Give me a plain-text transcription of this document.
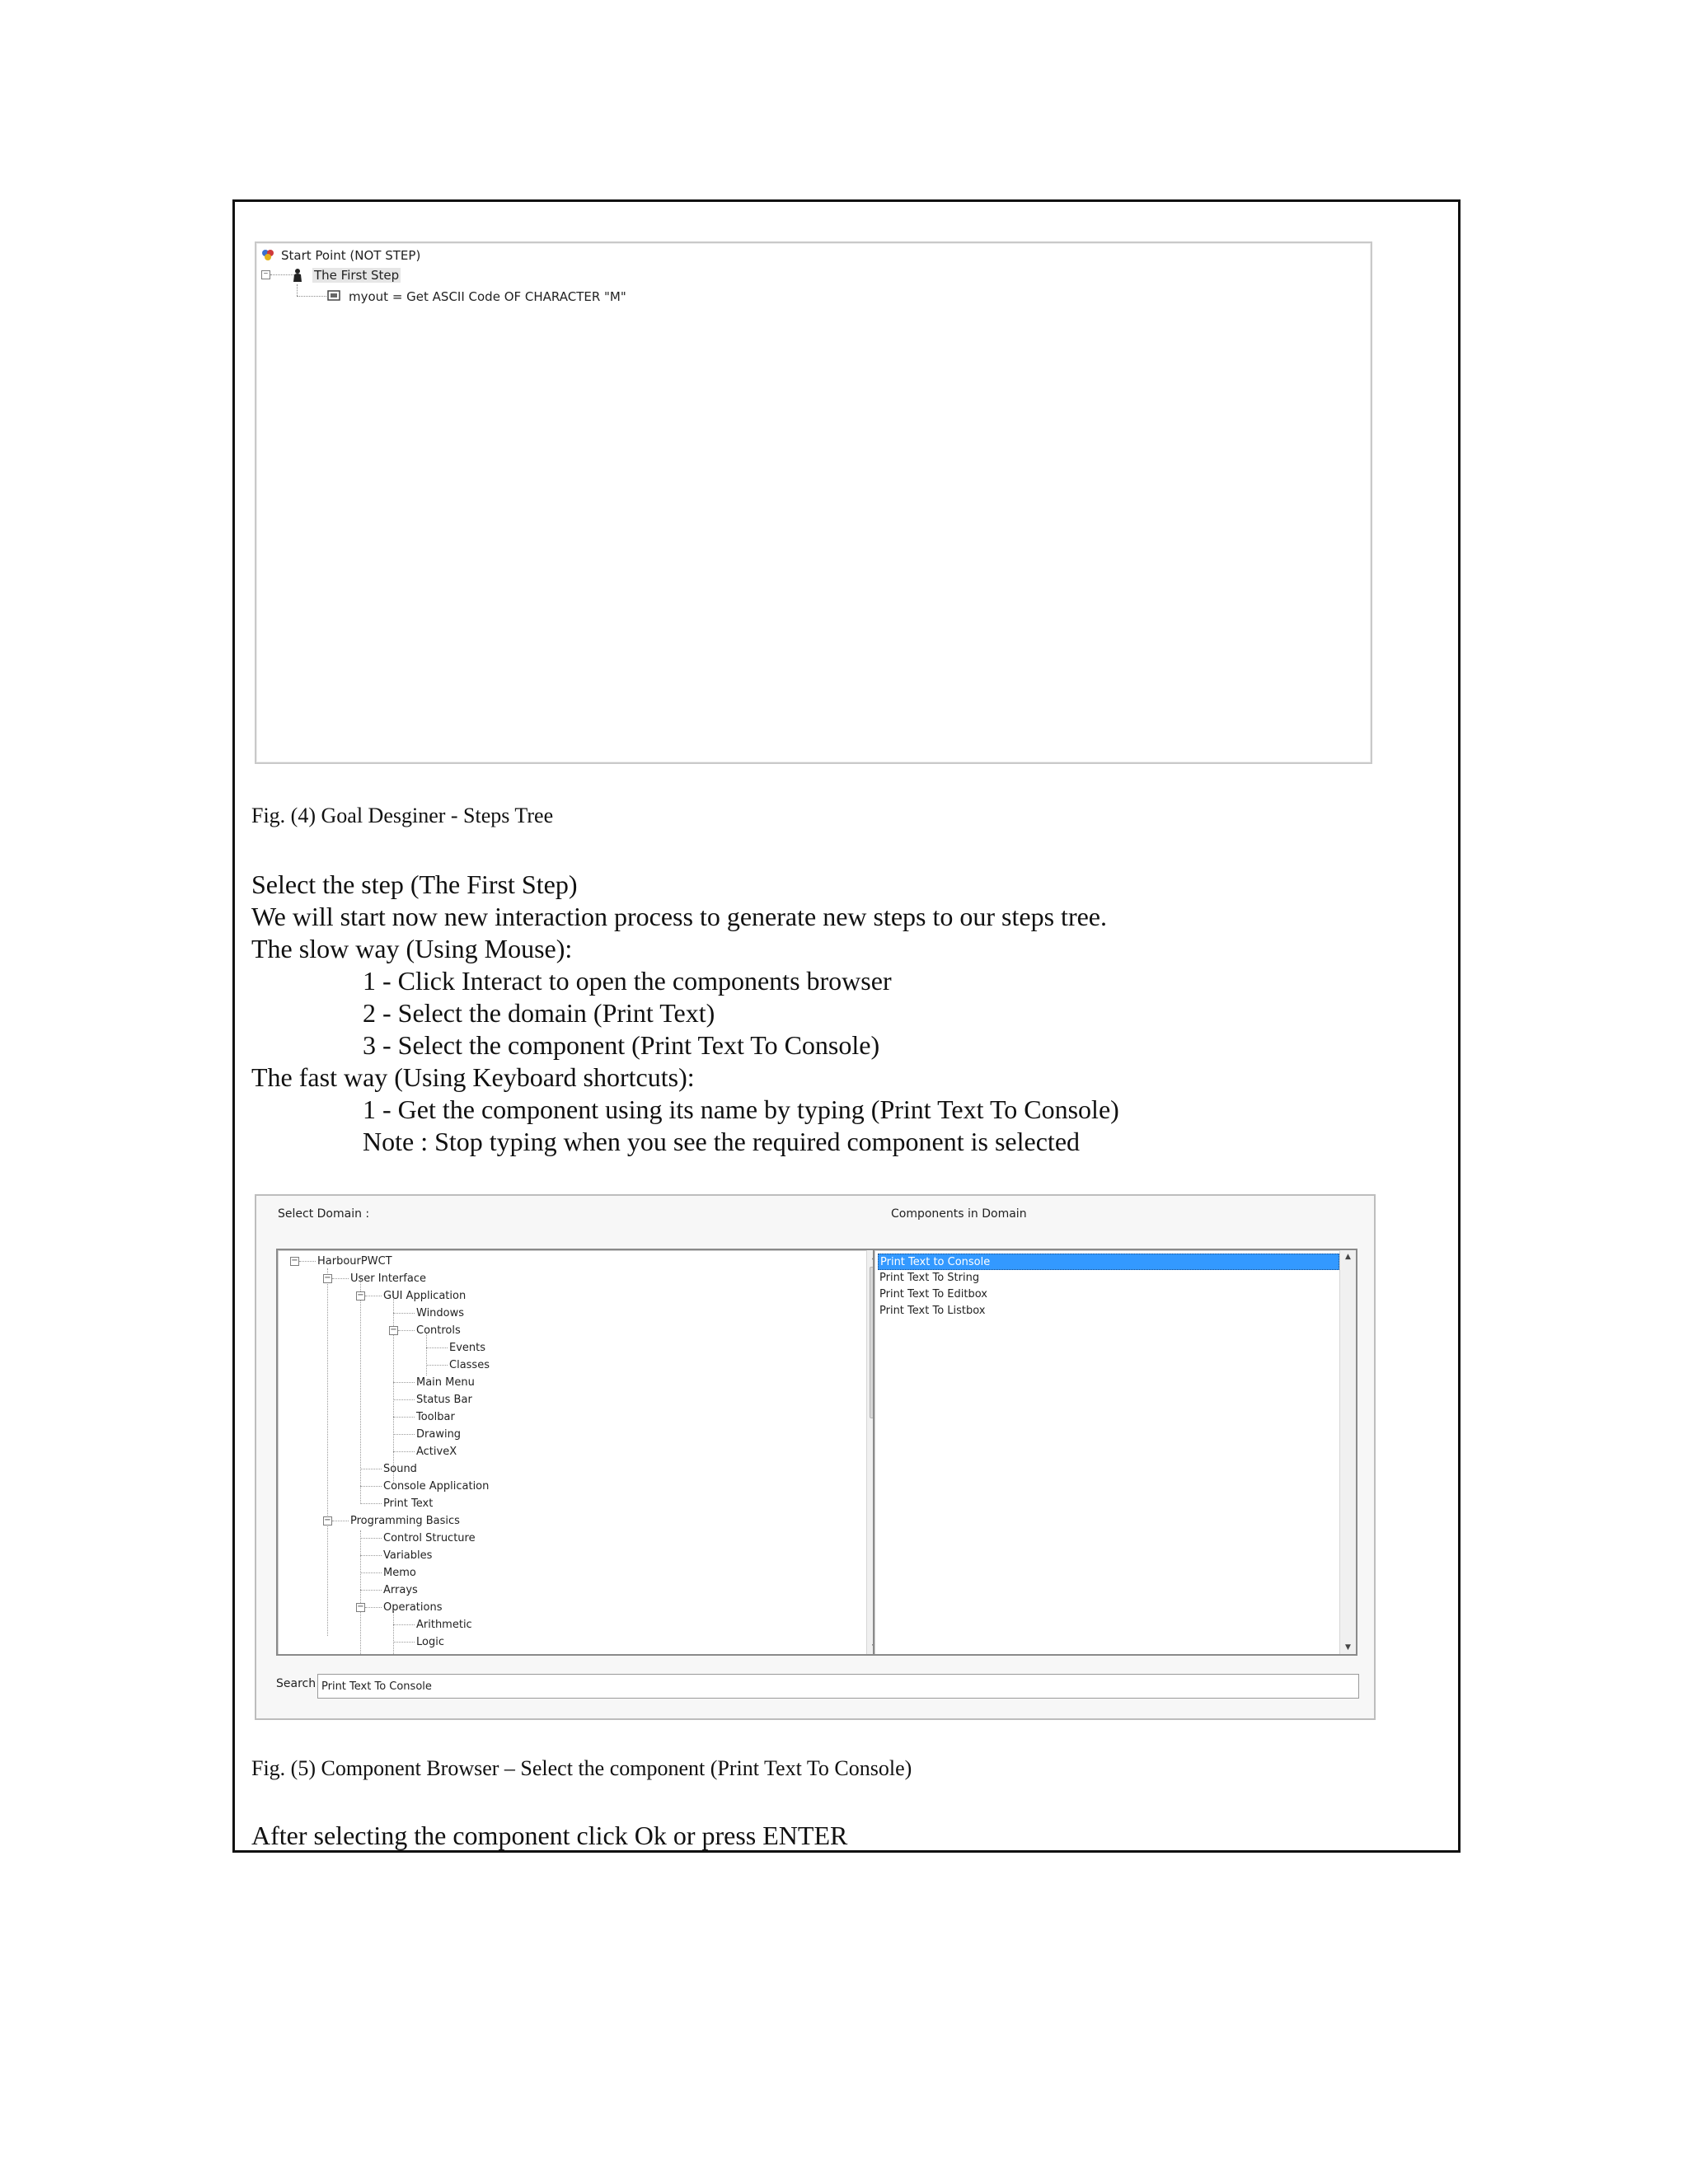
Start Point (NOT STEP)
−	The First Step
myout = Get ASCII Code OF CHARACTER "M"
Fig. (4) Goal Desginer - Steps Tree
Select the step (The First Step)
We will start now new interaction process to generate new steps to our steps tree.
The slow way (Using Mouse):
1 - Click Interact to open the components browser
2 - Select the domain (Print Text)
3 - Select the component (Print Text To Console)
The fast way (Using Keyboard shortcuts):
1 - Get the component using its name by typing (Print Text To Console)
Note : Stop typing when you see the required component is selected
Select Domain :	Components in Domain
− HarbourPWCT
− User Interface
− GUI Application
Windows
− Controls
Events
Classes
Main Menu
Status Bar
Toolbar
Drawing
ActiveX
Sound
Console Application
Print Text
− Programming Basics
Control Structure
Variables
Memo
Arrays
− Operations
Arithmetic
Logic
Print Text to Console
Print Text To String
Print Text To Editbox
Print Text To Listbox
▲
▼
Search
Print Text To Console
Fig. (5) Component Browser – Select the component (Print Text To Console)
After selecting the component click Ok or press ENTER
